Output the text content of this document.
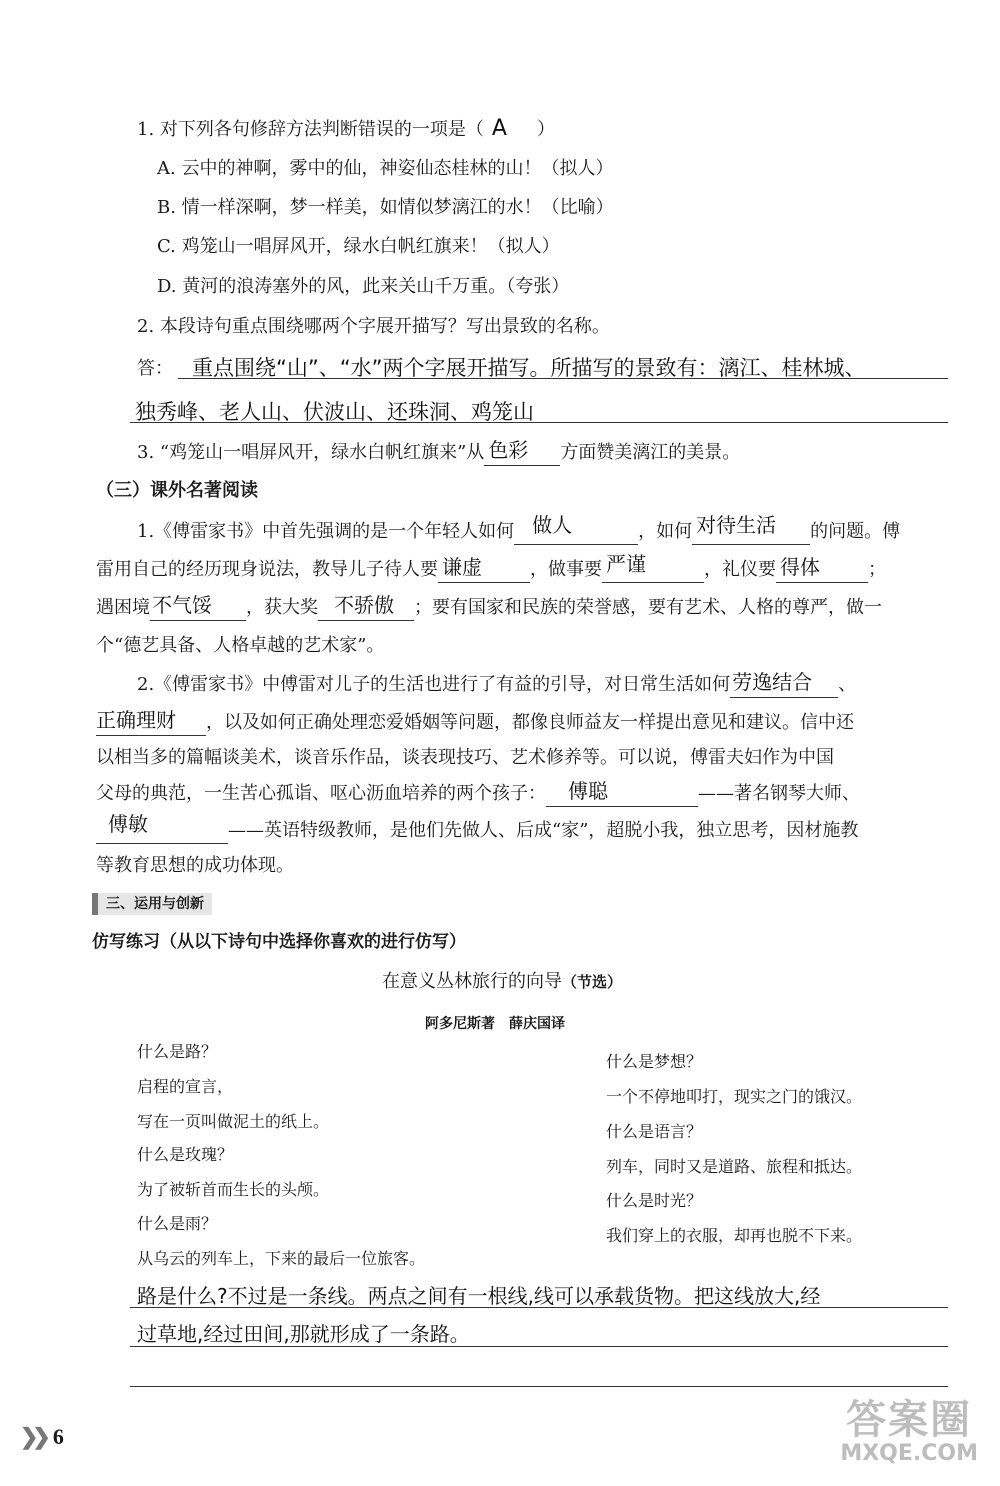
1. 对下列各句修辞方法判断错误的一项是（ A ）
A. 云中的神啊，雾中的仙，神姿仙态桂林的山！（拟人）
B. 情一样深啊，梦一样美，如情似梦漓江的水！（比喻）
C. 鸡笼山一唱屏风开，绿水白帆红旗来！（拟人）
D. 黄河的浪涛塞外的风，此来关山千万重。（夸张）
2. 本段诗句重点围绕哪两个字展开描写？写出景致的名称。
答： 重点围绕“山”、“水”两个字展开描写。所描写的景致有：漓江、桂林城、
独秀峰、老人山、伏波山、还珠洞、鸡笼山
3. “鸡笼山一唱屏风开，绿水白帆红旗来”从 色彩 方面赞美漓江的美景。
（三）课外名著阅读
1.《傅雷家书》中首先强调的是一个年轻人如何 做人	，如何 对待生活 的问题。傅
雷用自己的经历现身说法，教导儿子待人要 谦虚	，做事要 严谨	，礼仪要 得体	；
遇困境 不气馁 ，获大奖 不骄傲 ；要有国家和民族的荣誉感，要有艺术、人格的尊严，做一
个“德艺具备、人格卓越的艺术家”。
2.《傅雷家书》中傅雷对儿子的生活也进行了有益的引导，对日常生活如何 劳逸结合 、
正确理财 ，以及如何正确处理恋爱婚姻等问题，都像良师益友一样提出意见和建议。信中还
以相当多的篇幅谈美术，谈音乐作品，谈表现技巧、艺术修养等。可以说，傅雷夫妇作为中国
父母的典范，一生苦心孤诣、呕心沥血培养的两个孩子： 傅聪	——著名钢琴大师、
傅敏	——英语特级教师，是他们先做人、后成“家”，超脱小我，独立思考，因材施教
等教育思想的成功体现。
三、运用与创新
仿写练习（从以下诗句中选择你喜欢的进行仿写）
在意义丛林旅行的向导（节选）
阿多尼斯著　薛庆国译
什么是路？
启程的宣言，
写在一页叫做泥土的纸上。
什么是玫瑰？
为了被斩首而生长的头颅。
什么是雨？
从乌云的列车上，下来的最后一位旅客。
什么是梦想？
一个不停地叩打，现实之门的饿汉。
什么是语言？
列车，同时又是道路、旅程和抵达。
什么是时光？
我们穿上的衣服，却再也脱不下来。
路是什么?不过是一条线。两点之间有一根线,线可以承载货物。把这线放大,经
过草地,经过田间,那就形成了一条路。
❯❯ 6	答案圈
MXQE.COM
